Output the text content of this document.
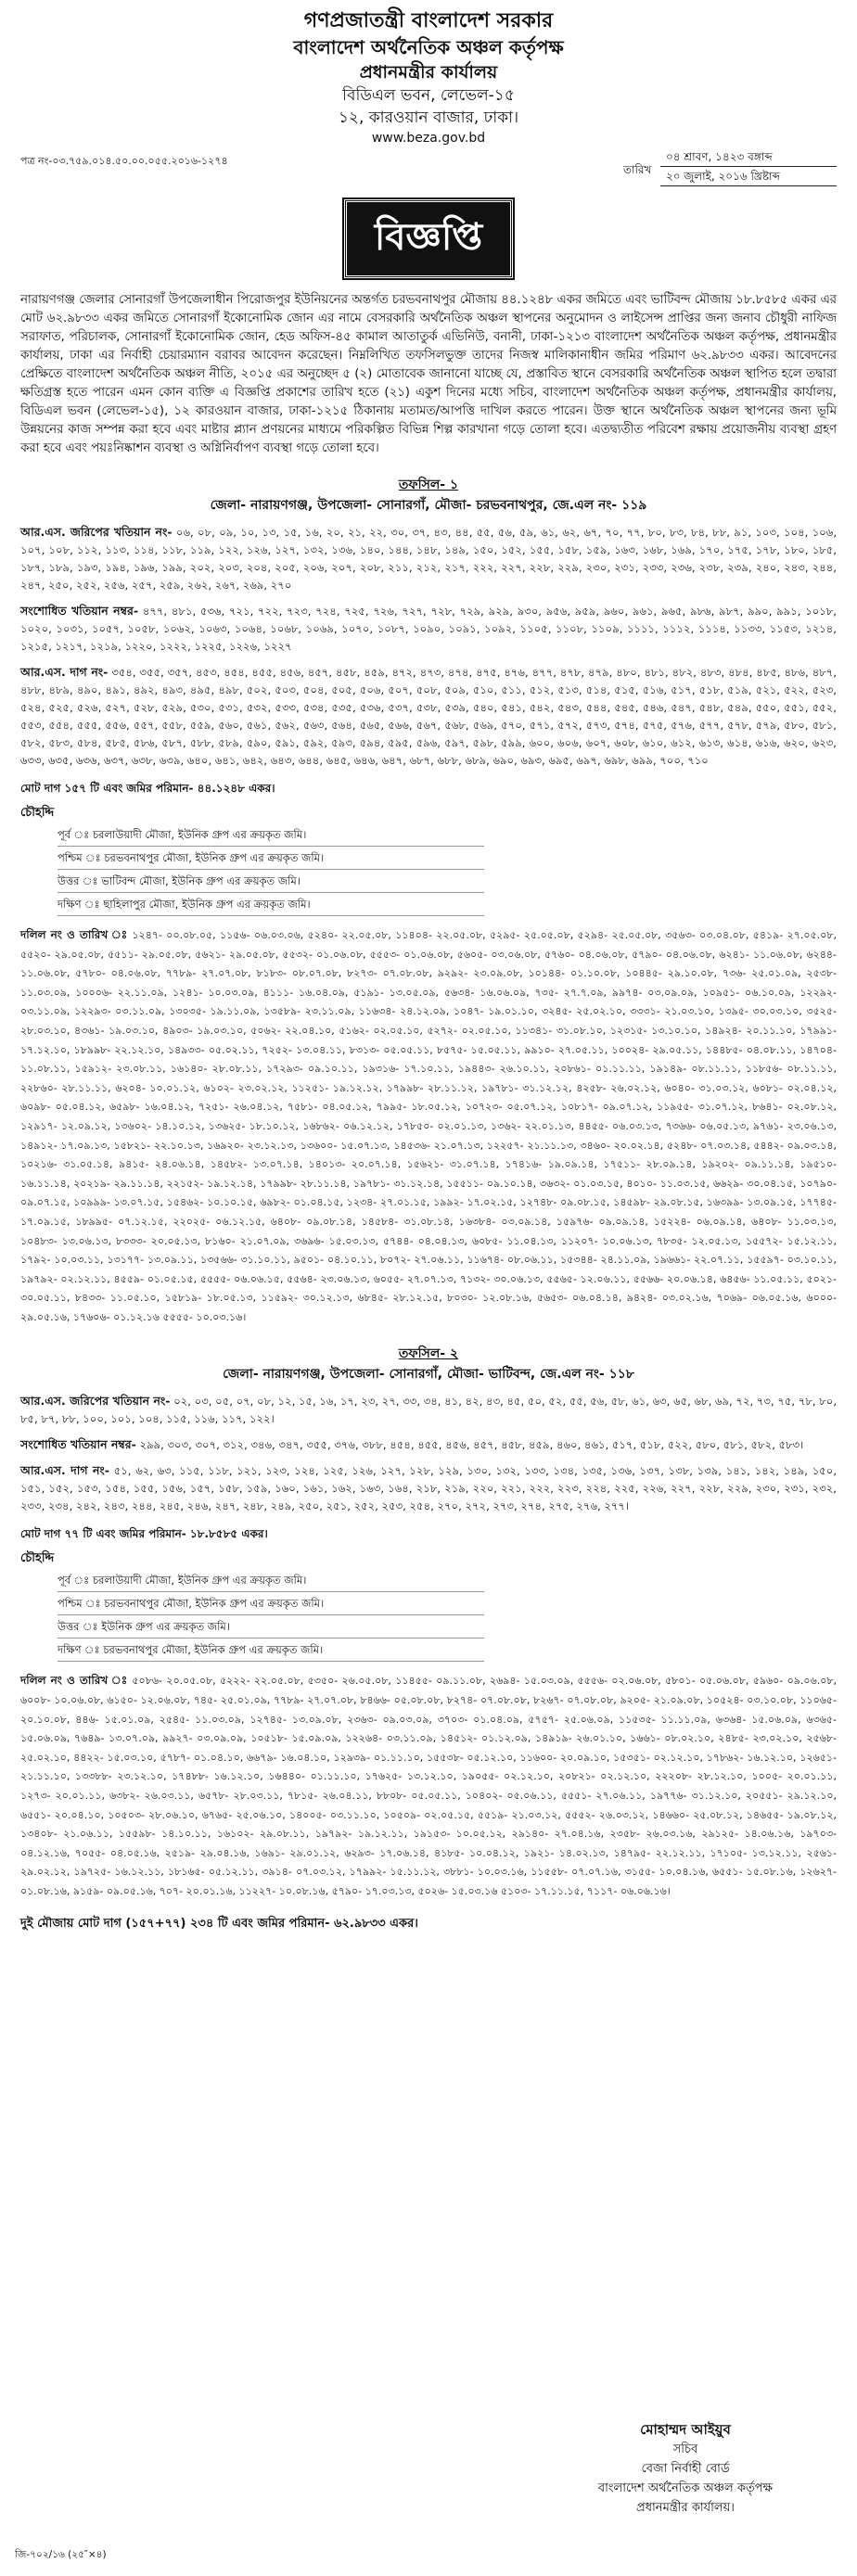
গণপ্রজাতন্ত্রী বাংলাদেশ সরকার
বাংলাদেশ অর্থনৈতিক অঞ্চল কর্তৃপক্ষ
প্রধানমন্ত্রীর কার্যালয়
বিডিএল ভবন, লেভেল-১৫
১২, কারওয়ান বাজার, ঢাকা।
www.beza.gov.bd
পত্র নং-০৩.৭৫৯.০১৪.৫০.০০.০৫৫.২০১৬-১২৭৪
তারিখ
০৪ শ্রাবণ, ১৪২৩ বঙ্গাব্দ
২০ জুলাই, ২০১৬ খ্রিষ্টাব্দ
বিজ্ঞপ্তি

নারায়ণগঞ্জ জেলার সোনারগাঁ উপজেলাধীন পিরোজপুর ইউনিয়নের অন্তর্গত চরভবনাথপুর মৌজায় ৪৪.১২৪৮ একর জমিতে এবং ভাটিবন্দ মৌজায় ১৮.৮৫৮৫ একর এর মোট ৬২.৯৮৩৩ একর জমিতে সোনারগাঁ ইকোনোমিক জোন এর নামে বেসরকারি অর্থনৈতিক অঞ্চল স্থাপনের অনুমোদন ও লাইসেন্স প্রাপ্তির জন্য জনাব চৌধুরী নাফিজ সরাফাত, পরিচালক, সোনারগাঁ ইকোনোমিক জোন, হেড অফিস-৪৫ কামাল আতাতুর্ক এভিনিউ, বনানী, ঢাকা-১২১৩ বাংলাদেশ অর্থনৈতিক অঞ্চল কর্তৃপক্ষ, প্রধানমন্ত্রীর কার্যালয়, ঢাকা এর নির্বাহী চেয়ারম্যান বরাবর আবেদন করেছেন। নিম্নলিখিত তফসিলভুক্ত তাদের নিজস্ব মালিকানাধীন জমির পরিমাণ ৬২.৯৮৩৩ একর। আবেদনের প্রেক্ষিতে বাংলাদেশ অর্থনৈতিক অঞ্চল নীতি, ২০১৫ এর অনুচ্ছেদ ৫ (২) মোতাবেক জানানো যাচ্ছে যে, প্রস্তাবিত স্থানে বেসরকারি অর্থনৈতিক অঞ্চল স্থাপিত হলে তদ্বারা ক্ষতিগ্রস্ত হতে পারেন এমন কোন ব্যক্তি এ বিজ্ঞপ্তি প্রকাশের তারিখ হতে (২১) একুশ দিনের মধ্যে সচিব, বাংলাদেশ অর্থনৈতিক অঞ্চল কর্তৃপক্ষ, প্রধানমন্ত্রীর কার্যালয়, বিডিএল ভবন (লেভেল-১৫), ১২ কারওয়ান বাজার, ঢাকা-১২১৫ ঠিকানায় মতামত/আপত্তি দাখিল করতে পারেন। উক্ত স্থানে অর্থনৈতিক অঞ্চল স্থাপনের জন্য ভূমি উন্নয়নের কাজ সম্পন্ন করা হবে এবং মাষ্টার প্ল্যান প্রণয়নের মাধ্যমে পরিকল্পিত বিভিন্ন শিল্প কারখানা গড়ে তোলা হবে। এতদ্ব্যতীত পরিবেশ রক্ষায় প্রয়োজনীয় ব্যবস্থা গ্রহণ করা হবে এবং পয়ঃনিষ্কাশন ব্যবস্থা ও অগ্নিনির্বাপণ ব্যবস্থা গড়ে তোলা হবে।

তফসিল- ১
জেলা- নারায়ণগঞ্জ, উপজেলা- সোনারগাঁ, মৌজা- চরভবনাথপুর, জে.এল নং- ১১৯

আর.এস. জরিপের খতিয়ান নং- ০৬, ০৮, ০৯, ১০, ১৩, ১৫, ১৬, ২০, ২১, ২২, ৩০, ৩৭, ৪৩, ৪৪, ৫৫, ৫৬, ৫৯, ৬১, ৬২, ৬৭, ৭০, ৭৭, ৮০, ৮৩, ৮৪, ৮৮, ৯১, ১০৩, ১০৪, ১০৬, ১০৭, ১০৮, ১১২, ১১৩, ১১৪, ১১৮, ১১৯, ১২২, ১২৬, ১২৭, ১৩২, ১৩৬, ১৪০, ১৪৪, ১৪৮, ১৪৯, ১৫০, ১৫২, ১৫৫, ১৫৮, ১৫৯, ১৬৩, ১৬৮, ১৬৯, ১৭০, ১৭৫, ১৭৮, ১৮০, ১৮৫, ১৮৭, ১৮৯, ১৯৩, ১৯৪, ১৯৬, ১৯৯, ২০২, ২০৩, ২০৪, ২০৫, ২০৬, ২০৭, ২০৮, ২১১, ২১২, ২১৭, ২২২, ২২৭, ২২৮, ২২৯, ২৩০, ২৩১, ২৩৩, ২৩৬, ২৩৮, ২৩৯, ২৪০, ২৪৩, ২৪৪, ২৪৭, ২৫০, ২৫২, ২৫৬, ২৫৭, ২৫৯, ২৬২, ২৬৭, ২৬৯, ২৭০

সংশোধিত খতিয়ান নম্বর- ৪৭৭, ৪৮১, ৫৩৬, ৭২১, ৭২২, ৭২৩, ৭২৪, ৭২৫, ৭২৬, ৭২৭, ৭২৮, ৭২৯, ৯২৯, ৯৩০, ৯৫৬, ৯৫৯, ৯৬০, ৯৬১, ৯৬৫, ৯৮৬, ৯৮৭, ৯৯০, ৯৯১, ১০১৮, ১০২০, ১০৩১, ১০৫৭, ১০৫৮, ১০৬২, ১০৬৩, ১০৬৪, ১০৬৮, ১০৬৯, ১০৭০, ১০৮৭, ১০৯০, ১০৯১, ১০৯২, ১১০৫, ১১০৮, ১১০৯, ১১১১, ১১১২, ১১১৪, ১১৩৩, ১১৫৩, ১২১৪, ১২১৫, ১২১৭, ১২১৯, ১২২০, ১২২২, ১২২৫, ১২২৬, ১২২৭

আর.এস. দাগ নং- ৩৫৪, ৩৫৫, ৩৫৭, ৪৫৩, ৪৫৪, ৪৫৫, ৪৫৬, ৪৫৭, ৪৫৮, ৪৫৯, ৪৭২, ৪৭৩, ৪৭৪, ৪৭৫, ৪৭৬, ৪৭৭, ৪৭৮, ৪৭৯, ৪৮০, ৪৮১, ৪৮২, ৪৮৩, ৪৮৪, ৪৮৫, ৪৮৬, ৪৮৭, ৪৮৮, ৪৮৯, ৪৯০, ৪৯১, ৪৯২, ৪৯৩, ৪৯৫, ৪৯৮, ৫০২, ৫০৩, ৫০৪, ৫০৫, ৫০৬, ৫০৭, ৫০৮, ৫০৯, ৫১০, ৫১১, ৫১২, ৫১৩, ৫১৪, ৫১৫, ৫১৬, ৫১৭, ৫১৮, ৫১৯, ৫২১, ৫২২, ৫২৩, ৫২৪, ৫২৫, ৫২৬, ৫২৭, ৫২৮, ৫২৯, ৫৩০, ৫৩১, ৫৩২, ৫৩৩, ৫৩৪, ৫৩৫, ৫৩৬, ৫৩৭, ৫৩৮, ৫৩৯, ৫৪০, ৫৪১, ৫৪২, ৫৪৩, ৫৪৪, ৫৪৫, ৫৪৬, ৫৪৭, ৫৪৮, ৫৪৯, ৫৫০, ৫৫১, ৫৫২, ৫৫৩, ৫৫৪, ৫৫৫, ৫৫৬, ৫৫৭, ৫৫৮, ৫৫৯, ৫৬০, ৫৬১, ৫৬২, ৫৬৩, ৫৬৪, ৫৬৫, ৫৬৬, ৫৬৭, ৫৬৮, ৫৬৯, ৫৭০, ৫৭১, ৫৭২, ৫৭৩, ৫৭৪, ৫৭৫, ৫৭৬, ৫৭৭, ৫৭৮, ৫৭৯, ৫৮০, ৫৮১, ৫৮২, ৫৮৩, ৫৮৪, ৫৮৫, ৫৮৬, ৫৮৭, ৫৮৮, ৫৮৯, ৫৯০, ৫৯১, ৫৯২, ৫৯৩, ৫৯৪, ৫৯৫, ৫৯৬, ৫৯৭, ৫৯৮, ৫৯৯, ৬০০, ৬০৬, ৬০৭, ৬০৮, ৬১০, ৬১২, ৬১৩, ৬১৪, ৬১৬, ৬২০, ৬২৩, ৬৩৩, ৬৩৫, ৬৩৬, ৬৩৭, ৬৩৮, ৬৩৯, ৬৪০, ৬৪১, ৬৪২, ৬৪৩, ৬৪৪, ৬৪৫, ৬৪৬, ৬৪৭, ৬৮৭, ৬৮৮, ৬৮৯, ৬৯০, ৬৯৩, ৬৯৫, ৬৯৭, ৬৯৮, ৬৯৯, ৭০০, ৭১০

মোট দাগ ১৫৭ টি এবং জমির পরিমান- ৪৪.১২৪৮ একর।
চৌহদ্দি
পূর্ব ঃ চরলাউয়াদী মৌজা, ইউনিক গ্রুপ এর ক্রয়কৃত জমি।
পশ্চিম ঃ চরভবনাথপুর মৌজা, ইউনিক গ্রুপ এর ক্রয়কৃত জমি।
উত্তর ঃ ভাটিবন্দ মৌজা, ইউনিক গ্রুপ এর ক্রয়কৃত জমি।
দক্ষিণ ঃ ছাহিলাপুর মৌজা, ইউনিক গ্রুপ এর ক্রয়কৃত জমি।

দলিল নং ও তারিখ ঃ ১২৪৭- ০০.০৮.০৫, ১১৫৬- ০৬.০৩.০৬, ৫২৪০- ২২.০৫.০৮, ১১৪০৪- ২২.০৫.০৮, ৫২৯৫- ২৫.০৫.০৮, ৫২৯৪- ২৫.০৫.০৮, ৩৫৬৩- ০৩.০৪.০৮, ৫৪১৯- ২৭.০৫.০৮, ৫৫২০- ২৯.০৫.০৮, ৫৫১১- ২৯.০৫.০৮, ৫৬২১- ২৯.০৫.০৮, ৫৫৩২- ০১.০৬.০৮, ৫৫৫৩- ০১.০৬.০৮, ৫৬০৫- ০৩.০৬.০৮, ৫৭৬০- ০৪.০৬.০৮, ৫৭৯০- ০৪.০৬.০৮, ৬২৪১- ১১.০৬.০৮, ৬২৪৪- ১১.০৬.০৮, ৫৭৮০- ০৪.০৬.০৮, ৭৭৮৯- ২৭.০৭.০৮, ৮১৮৩- ০৮.০৭.০৮, ৮২৭৩- ০৭.০৮.০৮, ৯২৯২- ২৩.০৯.০৮, ১০১৪৪- ০১.১০.০৮, ১০৪৪৫- ২৯.১০.০৮, ৭৩৬- ২৫.০১.০৯, ২৫৩৮- ১১.০৩.০৯, ১০০০৬- ২২.১১.০৯, ১২৪১- ১০.০৩.০৯, ৪১১১- ১৬.০৪.০৯, ৫১৯১- ১৩.০৫.০৯, ৫৬৩৪- ১৬.০৬.০৯, ৭৩৫- ২৭.৭.০৯, ৯৯৭৪- ০৩.০৯.০৯, ১০৯৫১- ০৬.১০.০৯, ১২২৯২- ০৩.১১.০৯, ১২২৯৩- ০৩.১১.০৯, ১৩০৩৫- ১৯.১১.০৯, ১৩৫৮৯- ২৩.১১.০৯, ১১৬৩৪- ২৪.১২.০৯, ১০৪৭- ১৯.০১.১০, ৩২৪৫- ২৫.০২.১০, ৩৩৩১- ২১.০৩.১০, ১৩৯৫- ৩০.০৩.১০, ৩৫২৫- ২৮.০৩.১০, ৪৩৬১- ১৯.০৩.১০, ৪৯০৩- ১৯.০৩.১০, ৫০৬২- ২২.০৪.১০, ৫১৬২- ০২.০৫.১০, ৫২৭২- ০২.০৫.১০, ১১৩৪১- ৩১.০৮.১০, ১২৩১৫- ১৩.১০.১০, ১৪৯২৪- ২০.১১.১০, ১৭৯৯১- ১৭.১২.১০, ১৮৯৯৮- ২২.১২.১০, ১৪৯৩৩- ০৫.০২.১১, ৭২৫২- ১৩.০৪.১১, ৮৩১৩- ০৫.০৫.১১, ৮৫৭৫- ১৫.০৫.১১, ৯৯১০- ২৭.০৫.১১, ১০০২৪- ২৯.০৫.১১, ১৪৪৮৫- ০৪.০৮.১১, ১৪৭০৪- ১১.০৮.১১, ১৫৯১২- ২৩.০৮.১১, ১৬১৪০- ২৮.০৮.১১, ১৭২৯৩- ০৯.১০.১১, ১৯৩১৬- ১৭.১০.১১, ১৯৪৪৩- ২৬.১০.১১, ২০৮৬১- ০১.১১.১১, ১৯১৪৯- ০৮.১১.১১, ১১৮৫৬- ০৮.১১.১১, ২২৮৬০- ২৮.১১.১১, ৬২০৪- ১০.০১.১২, ৬১০২- ২৩.০২.১২, ১১২৫১- ১৯.১২.১২, ১৭৯৯৮- ২৮.১১.১২, ১৯৭৮১- ৩১.১২.১২, ৪২৫৮- ২৬.০২.১২, ৬০৪০- ৩১.০৩.১২, ৬০৮১- ০২.০৪.১২, ৬০৯৮- ০৫.০৪.১২, ৬৫৯৮- ১৬.০৪.১২, ৭২৫১- ২৬.০৪.১২, ৭৫৮১- ০৪.০৫.১২, ৭৯৯৫- ১৮.০৫.১২, ১০৭২৩- ০৫.০৭.১২, ১০৮১৭- ০৯.০৭.১২, ১১৯৫৫- ৩১.০৭.১২, ৮৬৪১- ০২.০৮.১২, ১২৯১৭- ১২.০৯.১২, ১৩৬০২- ১৪.১০.১২, ১৩৬২৫- ১৮.১০.১২, ১৬৮৬২- ০৬.১২.১২, ১৭৮৫০- ০২.০১.১৩, ১৩৬২- ২২.০১.১৩, ৪৪৫৫- ০৬.০৩.১৩, ৭৩৬৬- ০৬.০৫.১৩, ৯৭৬১- ২৩.০৬.১৩, ১৪৯১২- ১৭.০৯.১৩, ১৫৮২১- ২২.১০.১৩, ১৬৯২০- ২৩.১২.১৩, ১৩৬০০- ১৫.০৭.১৩, ১৪৫৩৬- ২১.০৭.১৩, ১২২৫৭- ২১.১১.১৩, ৩৪৬০- ২০.০২.১৪, ৫২৪৮- ০৭.০৩.১৪, ৫৪৪২- ০৯.০৩.১৪, ১০২১৬- ৩১.০৫.১৪, ৯৪১৫- ২৪.০৬.১৪, ১৪৫৮২- ১৩.০৭.১৪, ১৪০১৩- ২০.০৭.১৪, ১৫৬২১- ৩১.০৭.১৪, ১৭৪১৬- ১৯.০৯.১৪, ১৭৫১১- ২৮.০৯.১৪, ১৯২০২- ০৯.১১.১৪, ১৯৫১০- ১৬.১১.১৪, ২০২১৯- ২৯.১১.১৪, ২২১৫২- ১৯.১২.১৪, ১৭৯৯৮- ২৮.১১.১৪, ১৯৭৮১- ৩১.১২.১৪, ১৫৫১১- ০৯.১০.১৪, ৩৬৩২- ০১.০৩.১৫, ৪০১০- ১১.০৩.১৫, ৬৬২৯- ৩০.০৪.১৫, ১০৭৯০- ০৯.০৭.১৫, ১০৯৯৯- ১৩.০৭.১৫, ১৫৪৬২- ১০.১০.১৫, ৬৯৮২- ০১.০৪.১৫, ১২৩৪- ২৭.০১.১৫, ১৯৯২- ১৭.০২.১৫, ১২৭৪৮- ০৯.০৮.১৫, ১৪৫৯৮- ২৯.০৮.১৫, ১৬৩৯৯- ১৩.০৯.১৫, ১৭৭৪৫- ১৭.০৯.১৫, ১৮৯৯৫- ০৭.১২.১৫, ২২০২৫- ০৬.১২.১৫, ৬৪০৮- ০৯.০৮.১৪, ১৪৫৮৪- ৩১.০৮.১৪, ১৬৩৮৪- ০৩.০৯.১৪, ১৫৯৭৬- ০৯.০৯.১৪, ১৫২২৪- ০৬.০৯.১৪, ৬৪০৮- ১১.০৩.১৩, ১০৪৮৩- ১৩.০৬.১৩, ৮৩৩৩- ২০.০৫.১৩, ৮১৬০- ২১.০৭.০৯, ৩৬৯৬- ১৫.০৩.১৩, ৫৭৪৪- ০৪.০৪.১৩, ৬০৮৫- ১১.০৪.১৩, ১১২০৭- ১০.০৬.১৩, ৭৮৩৫- ১২.০৫.১৩, ১৫৫৭২- ১৫.১২.১১, ১৭৯২- ১০.০৩.১১, ১৩১৭৭- ১৩.০৯.১১, ১৩৫৬৬- ৩১.১০.১১, ৯৫০১- ০৪.১০.১১, ৮০৭২- ২৭.০৬.১১, ১১৬৭৪- ০৮.০৬.১১, ১৫৩৪৪- ২৪.১১.০৯, ১৯৬৬১- ২২.০৭.১১, ১৫৫৯৭- ০৩.১০.১১, ১৯৭৯২- ০২.১২.১১, ৪৫৫৯- ০১.০৫.১৫, ৫৫৫৫- ০৬.০৬.১৫, ৫৫৬৪- ২৩.০৬.১৩, ৬০৫৫- ২৭.০৭.১৩, ৭১৩২- ৩০.০৬.১৩, ৫৫৬৫- ১২.০৬.১১, ৫৫৬৬- ২০.০৬.১৪, ৬৪৫৬- ১১.০৫.১১, ৫০২১- ৩০.০৫.১১, ৮৪৩৩- ১১.০৫.১০, ১৫৮১৯- ১৮.০৫.১৩, ১১৫৯২- ৩০.১২.১৩, ৬৮৪৫- ২৮.১২.১৫, ৮০৩০- ১২.০৮.১৬, ৫৬৫৩- ০৬.০৪.১৪, ৯৪২৪- ০৩.০২.১৬, ৭০৬৯- ০৬.০৫.১৬, ৬০০০- ২৯.০৫.১৬, ১৭৬০৬- ০১.১২.১৬ ৫৫৫৫- ১০.০৩.১৬।

তফসিল- ২
জেলা- নারায়ণগঞ্জ, উপজেলা- সোনারগাঁ, মৌজা- ভাটিবন্দ, জে.এল নং- ১১৮

আর.এস. জরিপের খতিয়ান নং- ০২, ০৩, ০৫, ০৭, ০৮, ১২, ১৫, ১৬, ১৭, ২৩, ২৭, ৩৩, ৩৪, ৪১, ৪২, ৪৩, ৪৫, ৫০, ৫২, ৫৫, ৫৬, ৫৮, ৬১, ৬৩, ৬৫, ৬৮, ৬৯, ৭২, ৭৩, ৭৫, ৭৮, ৮০, ৮৫, ৮৭, ৮৮, ১০০, ১০১, ১০৪, ১১৫, ১১৬, ১১৭, ১২২।

সংশোধিত খতিয়ান নম্বর- ২৯৯, ৩০৩, ৩০৭, ৩১২, ৩৪৬, ৩৪৭, ৩৫৫, ৩৭৬, ৩৮৮, ৪৫৪, ৪৫৫, ৪৫৬, ৪৫৭, ৪৫৮, ৪৫৯, ৪৬০, ৪৬১, ৫১৭, ৫১৮, ৫২২, ৫৮০, ৫৮১, ৫৮২, ৫৮৩।

আর.এস. দাগ নং- ৫১, ৬২, ৬৩, ১১৫, ১১৮, ১২১, ১২৩, ১২৪, ১২৫, ১২৬, ১২৭, ১২৮, ১২৯, ১৩০, ১৩২, ১৩৩, ১৩৪, ১৩৫, ১৩৬, ১৩৭, ১৩৮, ১৩৯, ১৪১, ১৪২, ১৪৯, ১৫০, ১৫১, ১৫২, ১৫৩, ১৫৪, ১৫৫, ১৫৬, ১৫৭, ১৫৮, ১৫৯, ১৬০, ১৬১, ১৬২, ১৬৩, ১৬৪, ২১৮, ২১৯, ২২০, ২২১, ২২২, ২২৩, ২২৪, ২২৫, ২২৬, ২২৭, ২২৮, ২২৯, ২৩০, ২৩১, ২৩২, ২৩৩, ২৩৪, ২৪২, ২৪৩, ২৪৪, ২৪৫, ২৪৬, ২৪৭, ২৪৮, ২৪৯, ২৫০, ২৫১, ২৫২, ২৫৩, ২৫৪, ২৭০, ২৭২, ২৭৩, ২৭৪, ২৭৫, ২৭৬, ২৭৭।

মোট দাগ ৭৭ টি এবং জমির পরিমান- ১৮.৮৫৮৫ একর।
চৌহদ্দি
পূর্ব ঃ চরলাউয়াদী মৌজা, ইউনিক গ্রুপ এর ক্রয়কৃত জমি।
পশ্চিম ঃ চরভবনাথপুর মৌজা, ইউনিক গ্রুপ এর ক্রয়কৃত জমি।
উত্তর ঃ ইউনিক গ্রুপ এর ক্রয়কৃত জমি।
দক্ষিণ ঃ চরভবনাথপুর মৌজা, ইউনিক গ্রুপ এর ক্রয়কৃত জমি।

দলিল নং ও তারিখ ঃ ৫০৮৬- ২০.০৫.০৮, ৫২২২- ২২.০৫.০৮, ৫৩৫০- ২৬.০৫.০৮, ১১৪৫৫- ০৯.১১.০৮, ২৬৯৪- ১৫.০৩.০৯, ৫৫৫৬- ০২.০৬.০৮, ৫৮০১- ০৫.০৬.০৮, ৫৯৬০- ০৯.০৬.০৮, ৬০০৮- ১০.০৬.০৮, ৬১৫০- ১২.০৬.০৮, ৭৪৫- ২৫.০১.০৯, ৭৭৮৯- ২৭.০৭.০৮, ৮৪৬৬- ০৫.০৮.০৮, ৮২৭৪- ০৭.০৮.০৮, ৮২৬৭- ০৭.০৮.০৮, ৯২০৫- ২১.০৯.০৮, ১০৫২৪- ০৩.১০.০৮, ১১০৬৫- ২০.১০.০৮, ৪৪৬- ১৫.০১.০৯, ২৫৪৫- ১১.০৩.০৯, ১২৭৪৫- ১৩.০৯.০৮, ২৩৬৩- ০৯.০৩.০৯, ৩৭০৩- ০১.০৪.০৯, ৫৭৫৭- ২৫.০৬.০৯, ১১৫৩৫- ১১.১১.০৯, ৬৩৬৪- ১৫.০৬.০৯, ৬৩৬৫- ১৫.০৬.০৯, ৭৬৪৯- ১৩.০৭.০৯, ৯৯২৭- ০৩.০৯.০৯, ১০৫১৮- ১৫.০৯.০৯, ১২২৬৪- ০৩.১১.০৯, ১৪৫১২- ০১.১২.০৯, ১৪৯১৯- ২৬.০১.১০, ১৬৬১- ০৮.০২.১০, ২৪৮৫- ২৩.০২.১০, ২৫৬৮- ২৫.০২.১০, ৪৪২২- ১৫.০৩.১০, ৫৭৮৭- ০১.০৪.১০, ৬৬৭৯- ১৬.০৪.১০, ১২৯৩৯- ০১.১১.১০, ১৫৫৩৮- ০৫.১২.১০, ১১৬০০- ২০.০৯.১০, ১৫৩৫১- ০২.১২.১০, ১৭৮৬২- ১৬.১২.১০, ১২৬৫১- ২১.১১.১০, ১৩৩৮৮- ২৩.১২.১০, ১৭৪৮৮- ১৬.১২.১০, ১৬৪৪০- ০১.১১.১০, ১৭৬২৫- ১৩.১২.১০, ১৯০৫৫- ০২.১২.১০, ২০৮২১- ০২.১২.১০, ২২২০৮- ২৮.১২.১০, ১০০৫- ২০.০১.১১, ১২৭৩- ২০.০১.১১, ৬৩৮২- ২৬.০৩.১১, ৬৫৭৮- ২৮.০৩.১১, ৭৮১৫- ২৬.০৪.১১, ৮৮০৮- ০৫.০৫.১১, ১০৪০২- ০৫.০৬.১১, ৫৫৫১- ২৭.০৬.১১, ১৯৭৭৬- ৩১.১২.১০, ২০৫৫১- ২৯.১২.১০, ৬৫৫১- ২০.০৪.১০, ১০৫০৩- ২৮.০৬.১০, ৬৭৬৫- ২৫.০৬.১০, ১৪০০৫- ০৩.১১.১০, ১০৫০৯- ০২.০৫.১৫, ৫৫১৯- ২১.০৩.১২, ৫৫৫২- ২৬.০৩.১২, ১৪৬৬০- ২৫.০৮.১২, ১৪৬৫৫- ১৯.০৮.১২, ১৩৪০৮- ২১.০৬.১১, ১৫৫৯৮- ১৪.১০.১১, ১৬১০২- ২৯.০৮.১১, ১৯৭৯২- ১৯.১২.১১, ১৯১৫৩- ১০.০৫.১২, ২৯১৪০- ২৭.০৪.১৬, ২৩৫৮- ২৬.০৩.১৬, ২৯১২৫- ১৪.০৬.১৬, ১৯৭০৩- ০৪.১২.১৬, ৭০৫৫- ০৪.০৫.১৬, ২৫১৯- ২৯.০৪.১৬, ১৬৯১- ২৯.০১.১২, ৬২৯৩- ১৭.০৬.১৪, ৪১৮৫- ১০.০৪.১২, ১৯২১- ১৪.০২.১৩, ১৪৭৯৫- ২২.১২.১১, ১৭১০৫- ১৩.১২.১১, ২৫৬১- ২৯.০২.১২, ১৯৭২৫- ১৬.১২.১১, ১৮১৬৫- ০৫.১২.১১, ৩৯১৪- ০৭.০৩.১২, ১৭৯৯২- ১৫.১১.১২, ৩৮৮১- ১০.০৩.১৬, ১১৫৫৮- ০৭.০৭.১৬, ৩১৫৫- ১০.০৪.১৬, ৬৫৫১- ১৫.০৮.১৬, ১২৬২৭- ০১.০৮.১৬, ৯১৫৯- ০৯.০৫.১৬, ৭০৭- ২০.০১.১৬, ১১২২৭- ১০.০৮.১৬, ৫৭৯০- ১৭.০৩.১৩, ৫০২৬- ১৫.০৩.১৬ ৫১০৩- ১৭.১১.১৫, ৭১১৭- ০৬.০৬.১৬।

দুই মৌজায় মোট দাগ (১৫৭+৭৭) ২৩৪ টি এবং জমির পরিমান- ৬২.৯৮৩৩ একর।
মোহাম্মদ আইয়ুব
সচিব
বেজা নির্বাহী বোর্ড
বাংলাদেশ অর্থনৈতিক অঞ্চল কর্তৃপক্ষ
প্রধানমন্ত্রীর কার্যালয়।
জি-৭০২/১৬ (২৫″×৪)
